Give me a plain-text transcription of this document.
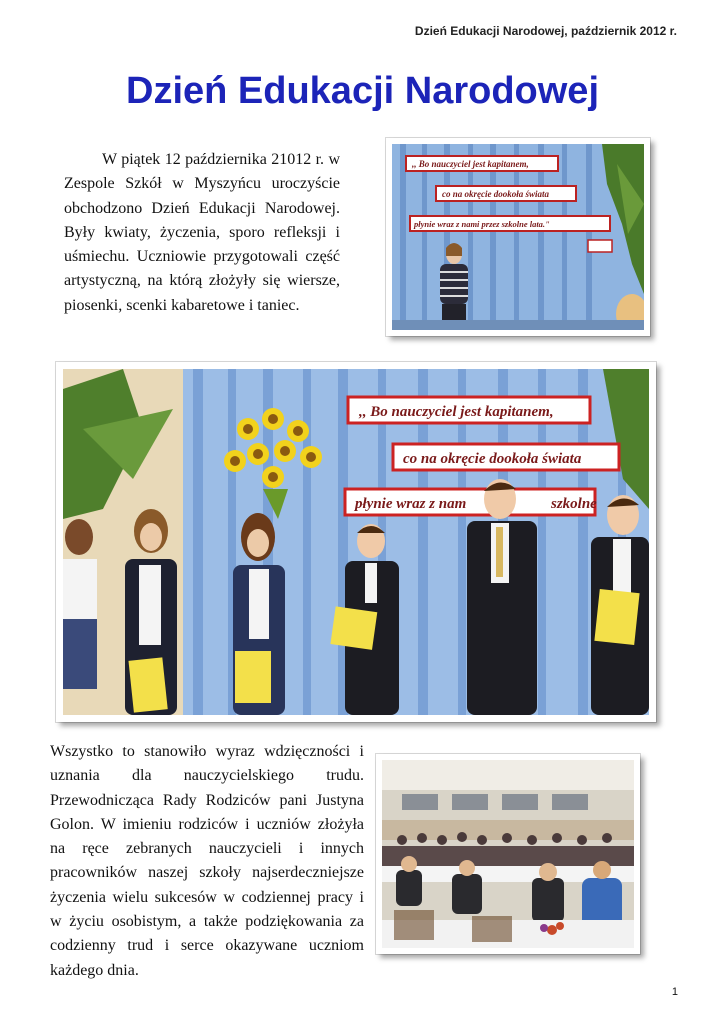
Dzień Edukacji Narodowej, październik 2012 r.
Dzień Edukacji Narodowej

W piątek 12 października 21012 r. w Zespole Szkół w Myszyńcu uroczyście obchodzono Dzień Edukacji Narodowej. Były kwiaty, życzenia, sporo refleksji i uśmiechu. Uczniowie przygotowali część artystyczną, na którą złożyły się wiersze, piosenki, scenki kabaretowe i taniec.

,, Bo nauczyciel jest kapitanem,
co na okręcie dookoła świata
płynie wraz z nami przez szkolne lata."
,, Bo nauczyciel jest kapitanem,
co na okręcie dookoła świata
płynie wraz z nam	szkolne

Wszystko to stanowiło wyraz wdzięczności i uznania dla nauczycielskiego trudu. Przewodnicząca Rady Rodziców pani Justyna Golon. W imieniu rodziców i uczniów złożyła na ręce zebranych nauczycieli i innych pracowników naszej szkoły najserdeczniejsze życzenia wielu sukcesów w codziennej pracy i w życiu osobistym, a także podziękowania za codzienny trud i serce okazywane uczniom każdego dnia.

1
